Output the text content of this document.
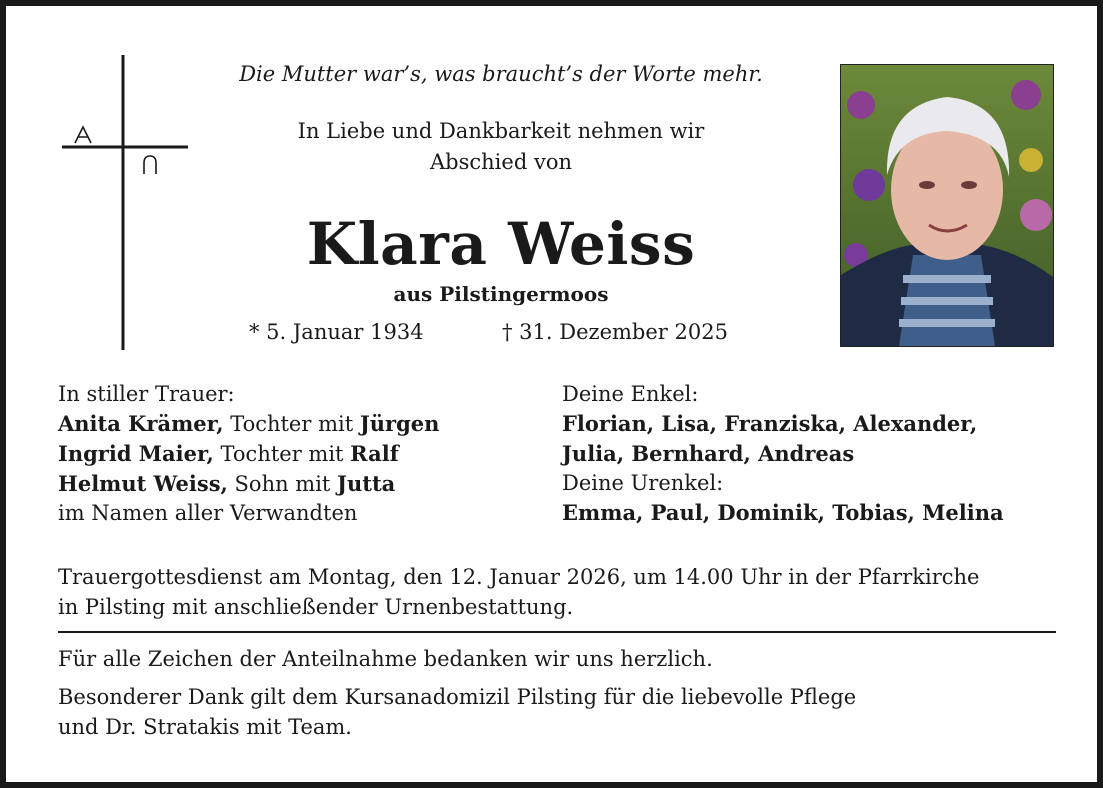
Die Mutter war’s, was braucht’s der Worte mehr.
In Liebe und Dankbarkeit nehmen wir
Abschied von
Klara Weiss
aus Pilstingermoos
* 5. Januar 1934	† 31. Dezember 2025
In stiller Trauer:
Anita Krämer, Tochter mit Jürgen
Ingrid Maier, Tochter mit Ralf
Helmut Weiss, Sohn mit Jutta
im Namen aller Verwandten
Deine Enkel:
Florian, Lisa, Franziska, Alexander,
Julia, Bernhard, Andreas
Deine Urenkel:
Emma, Paul, Dominik, Tobias, Melina
Trauergottesdienst am Montag, den 12. Januar 2026, um 14.00 Uhr in der Pfarrkirche
in Pilsting mit anschließender Urnenbestattung.
Für alle Zeichen der Anteilnahme bedanken wir uns herzlich.
Besonderer Dank gilt dem Kursanadomizil Pilsting für die liebevolle Pflege
und Dr. Stratakis mit Team.
